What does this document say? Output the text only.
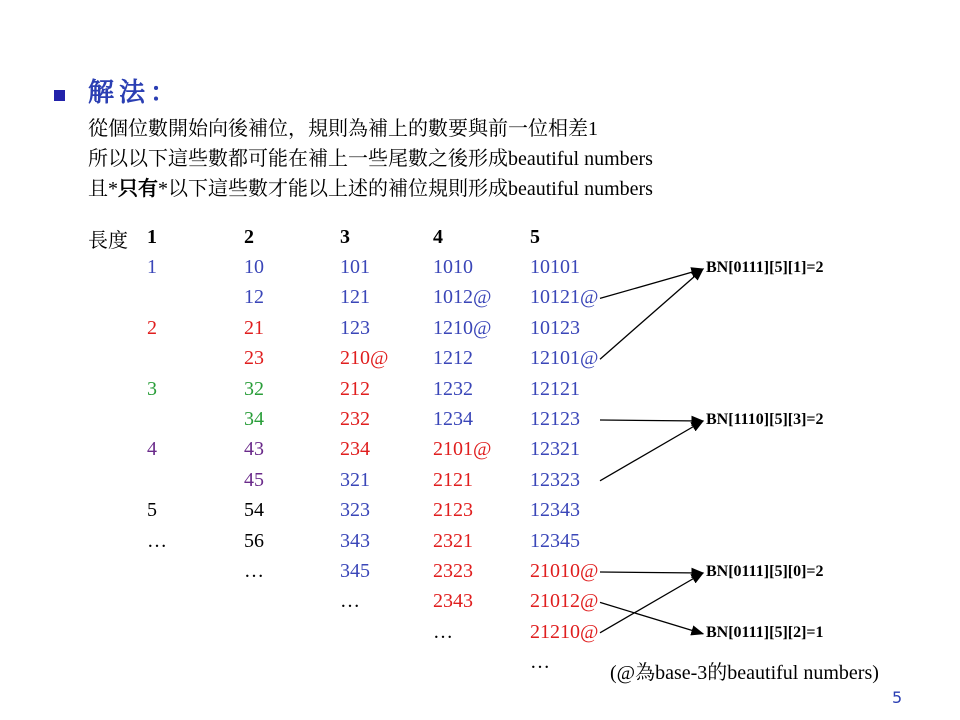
解法：
從個位數開始向後補位，規則為補上的數要與前一位相差1
所以以下這些數都可能在補上一些尾數之後形成beautiful numbers
且*只有*以下這些數才能以上述的補位規則形成beautiful numbers
長度 1
1
2
3
4
5
…
2
10
12
21
23
32
34
43
45
54
56
…
3
101
121
123
210@
212
232
234
321
323
343
345
…
4
1010
1012@
1210@
1212
1232
1234
2101@
2121
2123
2321
2323
2343
…
5
10101
10121@
10123
12101@
12121
12123
12321
12323
12343
12345
21010@
21012@
21210@
…
BN[0111][5][1]=2
BN[1110][5][3]=2
BN[0111][5][0]=2
BN[0111][5][2]=1
(@為base-3的beautiful numbers)
5
